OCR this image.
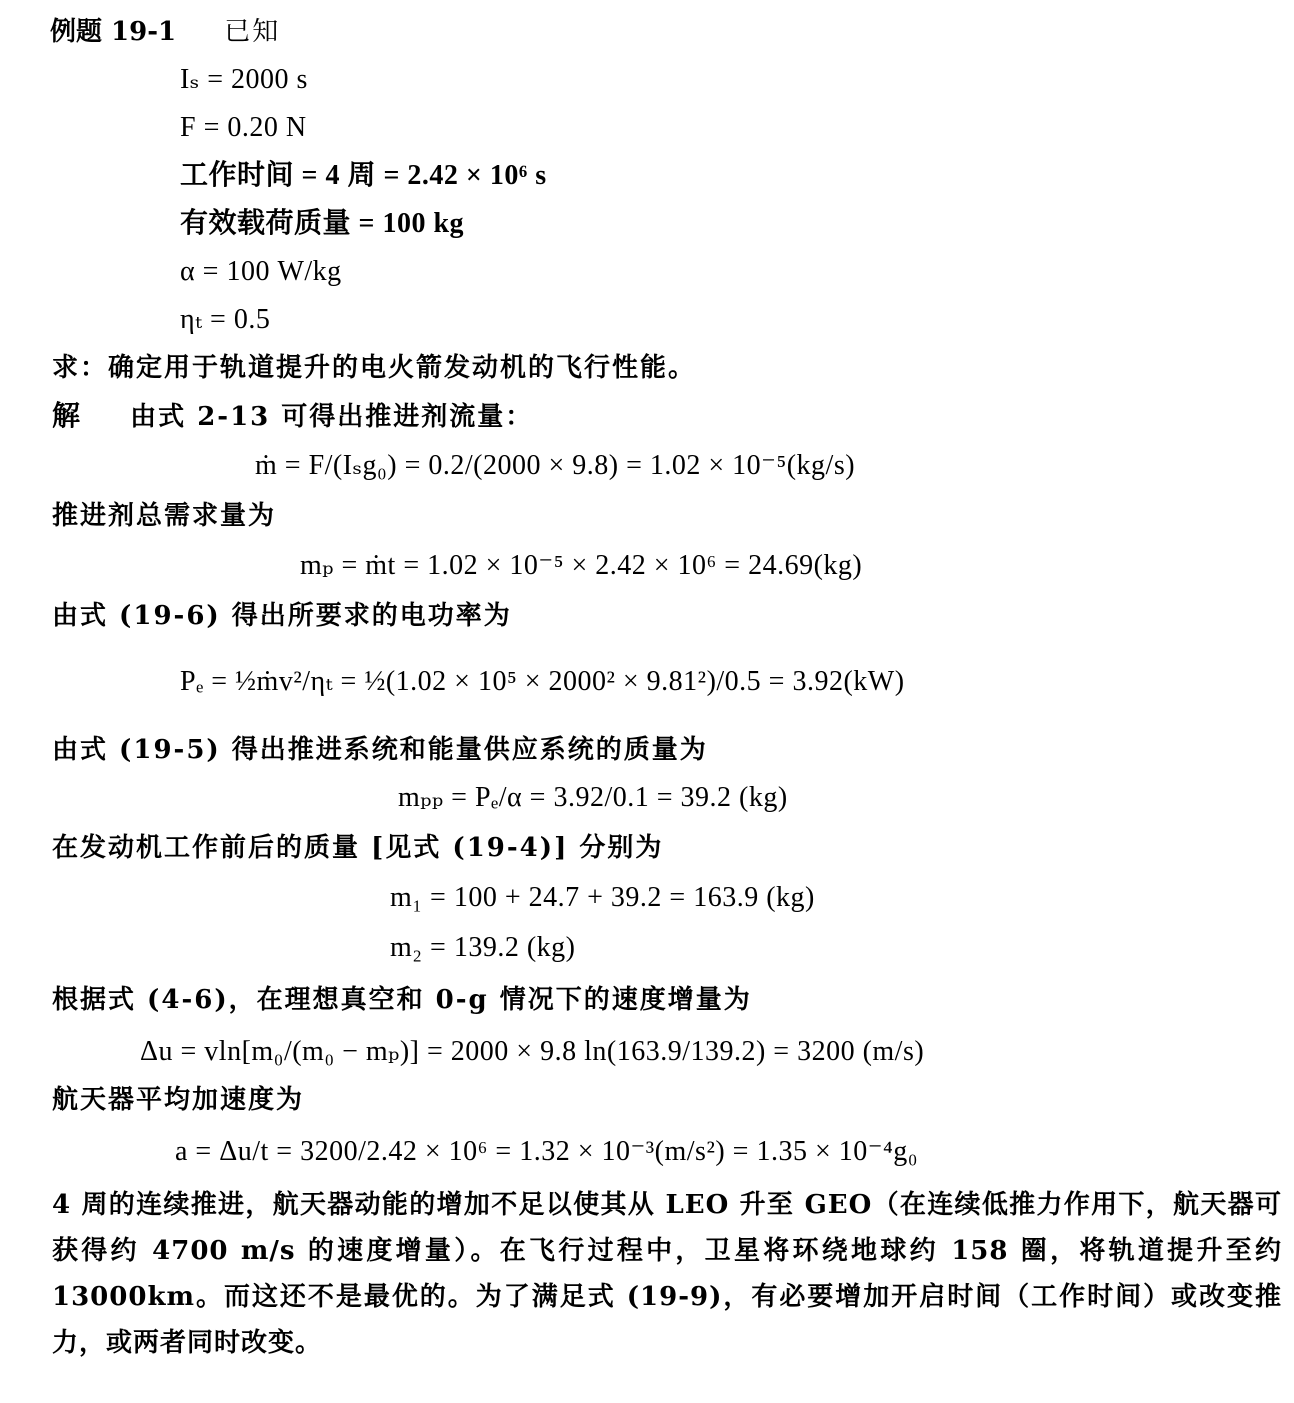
例题 19-1 已知
Iₛ = 2000 s
F = 0.20 N
工作时间 = 4 周 = 2.42 × 10⁶ s
有效载荷质量 = 100 kg
α = 100 W/kg
ηₜ = 0.5
求：确定用于轨道提升的电火箭发动机的飞行性能。
解 由式 2-13 可得出推进剂流量：
ṁ = F/(Iₛg₀) = 0.2/(2000 × 9.8) = 1.02 × 10⁻⁵(kg/s)
推进剂总需求量为
mₚ = ṁt = 1.02 × 10⁻⁵ × 2.42 × 10⁶ = 24.69(kg)
由式 (19-6) 得出所要求的电功率为
Pₑ = ½ṁv²/ηₜ = ½(1.02 × 10⁵ × 2000² × 9.81²)/0.5 = 3.92(kW)
由式 (19-5) 得出推进系统和能量供应系统的质量为
mₚₚ = Pₑ/α = 3.92/0.1 = 39.2 (kg)
在发动机工作前后的质量 [见式 (19-4)] 分别为
m₁ = 100 + 24.7 + 39.2 = 163.9 (kg)
m₂ = 139.2 (kg)
根据式 (4-6)，在理想真空和 0-g 情况下的速度增量为
Δu = vln[m₀/(m₀ − mₚ)] = 2000 × 9.8 ln(163.9/139.2) = 3200 (m/s)
航天器平均加速度为
a = Δu/t = 3200/2.42 × 10⁶ = 1.32 × 10⁻³(m/s²) = 1.35 × 10⁻⁴g₀
4 周的连续推进，航天器动能的增加不足以使其从 LEO 升至 GEO（在连续低推力作用下，航天器可获得约 4700 m/s 的速度增量）。在飞行过程中，卫星将环绕地球约 158 圈，将轨道提升至约 13000km。而这还不是最优的。为了满足式 (19-9)，有必要增加开启时间（工作时间）或改变推力，或两者同时改变。
